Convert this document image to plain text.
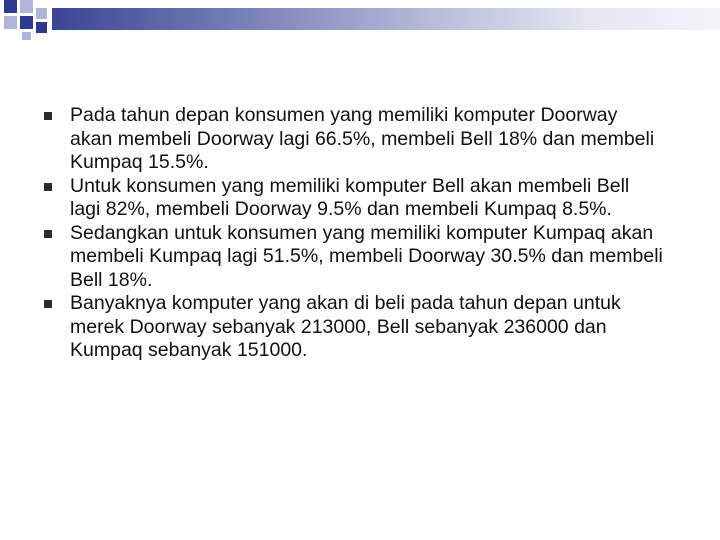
Pada tahun depan konsumen yang memiliki komputer Doorway akan membeli Doorway lagi 66.5%, membeli Bell 18% dan membeli Kumpaq 15.5%.
Untuk konsumen yang memiliki komputer Bell akan membeli Bell lagi 82%, membeli Doorway 9.5% dan membeli Kumpaq 8.5%.
Sedangkan untuk konsumen yang memiliki komputer Kumpaq akan membeli Kumpaq lagi 51.5%, membeli Doorway 30.5% dan membeli Bell 18%.
Banyaknya komputer yang akan di beli pada tahun depan untuk merek Doorway sebanyak 213000, Bell sebanyak 236000 dan Kumpaq sebanyak 151000.
